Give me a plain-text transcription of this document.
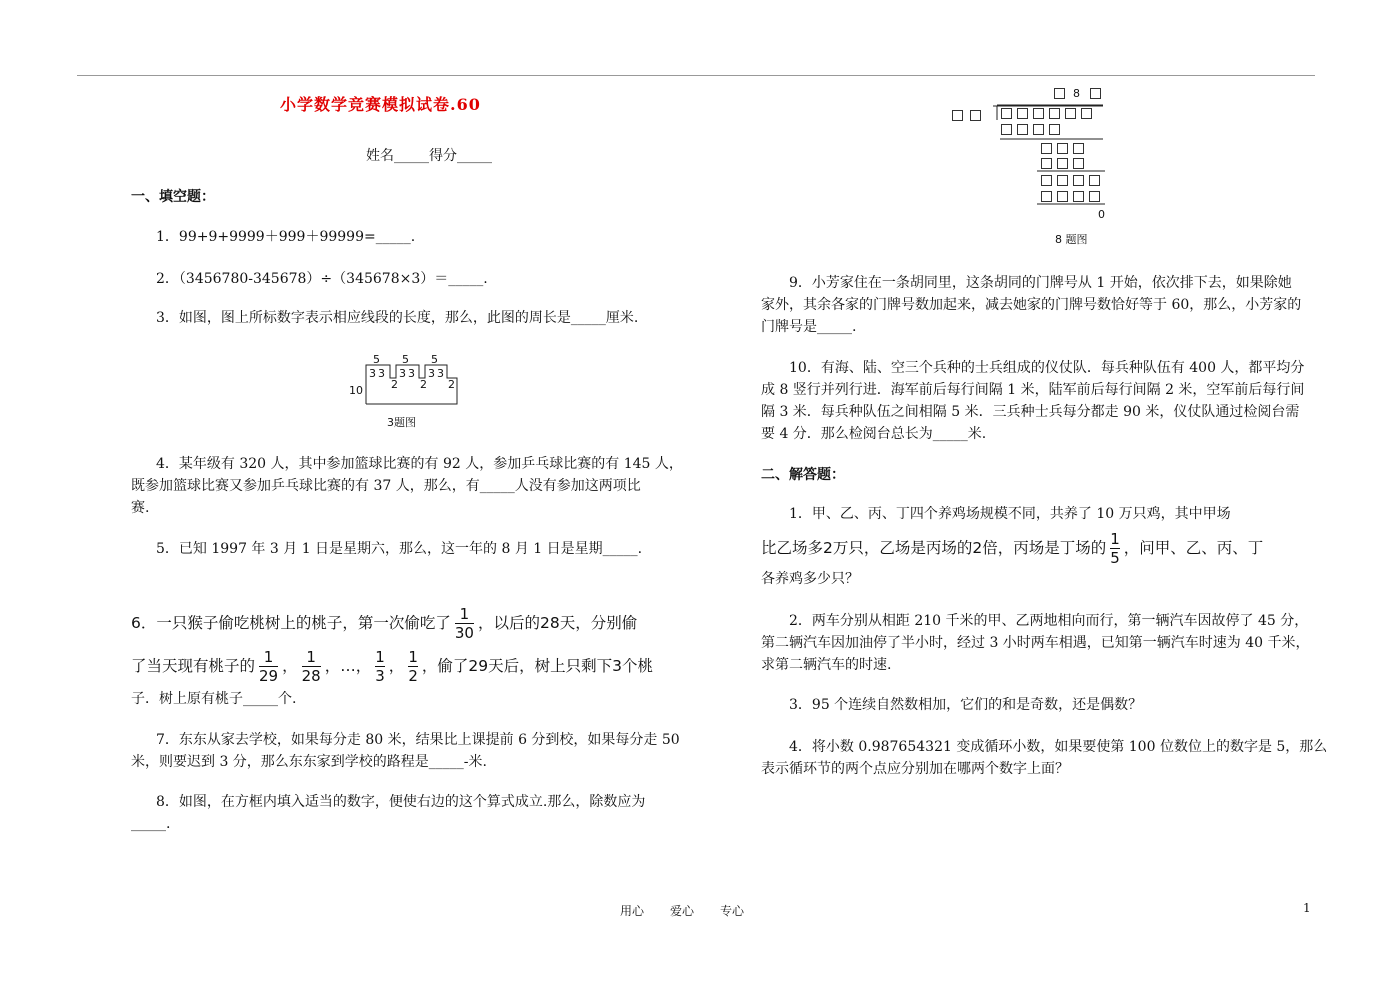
小学数学竞赛模拟试卷.60
姓名_____得分_____
一、填空题：
1．99+9+9999＋999＋99999=_____.
2．（3456780-345678）÷（345678×3）＝_____.
3．如图，图上所标数字表示相应线段的长度，那么，此图的周长是_____厘米.
5 5 5
3 3 3 3 3 3
2 2 2
10
3题图
4．某年级有 320 人，其中参加篮球比赛的有 92 人，参加乒乓球比赛的有 145 人，
既参加篮球比赛又参加乒乓球比赛的有 37 人，那么，有_____人没有参加这两项比
赛.
5．已知 1997 年 3 月 1 日是星期六，那么，这一年的 8 月 1 日是星期_____.
6．一只猴子偷吃桃树上的桃子，第一次偷吃了 $\frac{1}{30}$ ，以后的28天，分别偷
了当天现有桃子的 $\frac{1}{29}$ ， $\frac{1}{28}$ ，…， $\frac{1}{3}$ ， $\frac{1}{2}$ ，偷了29天后，树上只剩下3个桃
子．树上原有桃子_____个.
7．东东从家去学校，如果每分走 80 米，结果比上课提前 6 分到校，如果每分走 50
米，则要迟到 3 分，那么东东家到学校的路程是_____-米.
8．如图，在方框内填入适当的数字，便使右边的这个算式成立.那么，除数应为
_____.
8
0
8 题图
9．小芳家住在一条胡同里，这条胡同的门牌号从 1 开始，依次排下去，如果除她
家外，其余各家的门牌号数加起来，减去她家的门牌号数恰好等于 60，那么，小芳家的
门牌号是_____.
10．有海、陆、空三个兵种的士兵组成的仪仗队．每兵种队伍有 400 人，都平均分
成 8 竖行并列行进．海军前后每行间隔 1 米，陆军前后每行间隔 2 米，空军前后每行间
隔 3 米．每兵种队伍之间相隔 5 米．三兵种士兵每分都走 90 米，仪仗队通过检阅台需
要 4 分．那么检阅台总长为_____米.
二、解答题：
1．甲、乙、丙、丁四个养鸡场规模不同，共养了 10 万只鸡，其中甲场
比乙场多2万只，乙场是丙场的2倍，丙场是丁场的 $\frac{1}{5}$ ，问甲、乙、丙、丁
各养鸡多少只？
2．两车分别从相距 210 千米的甲、乙两地相向而行，第一辆汽车因故停了 45 分，
第二辆汽车因加油停了半小时，经过 3 小时两车相遇，已知第一辆汽车时速为 40 千米，
求第二辆汽车的时速.
3．95 个连续自然数相加，它们的和是奇数，还是偶数？
4．将小数 0.987654321 变成循环小数，如果要使第 100 位数位上的数字是 5，那么
表示循环节的两个点应分别加在哪两个数字上面？
用心 爱心 专心	1
